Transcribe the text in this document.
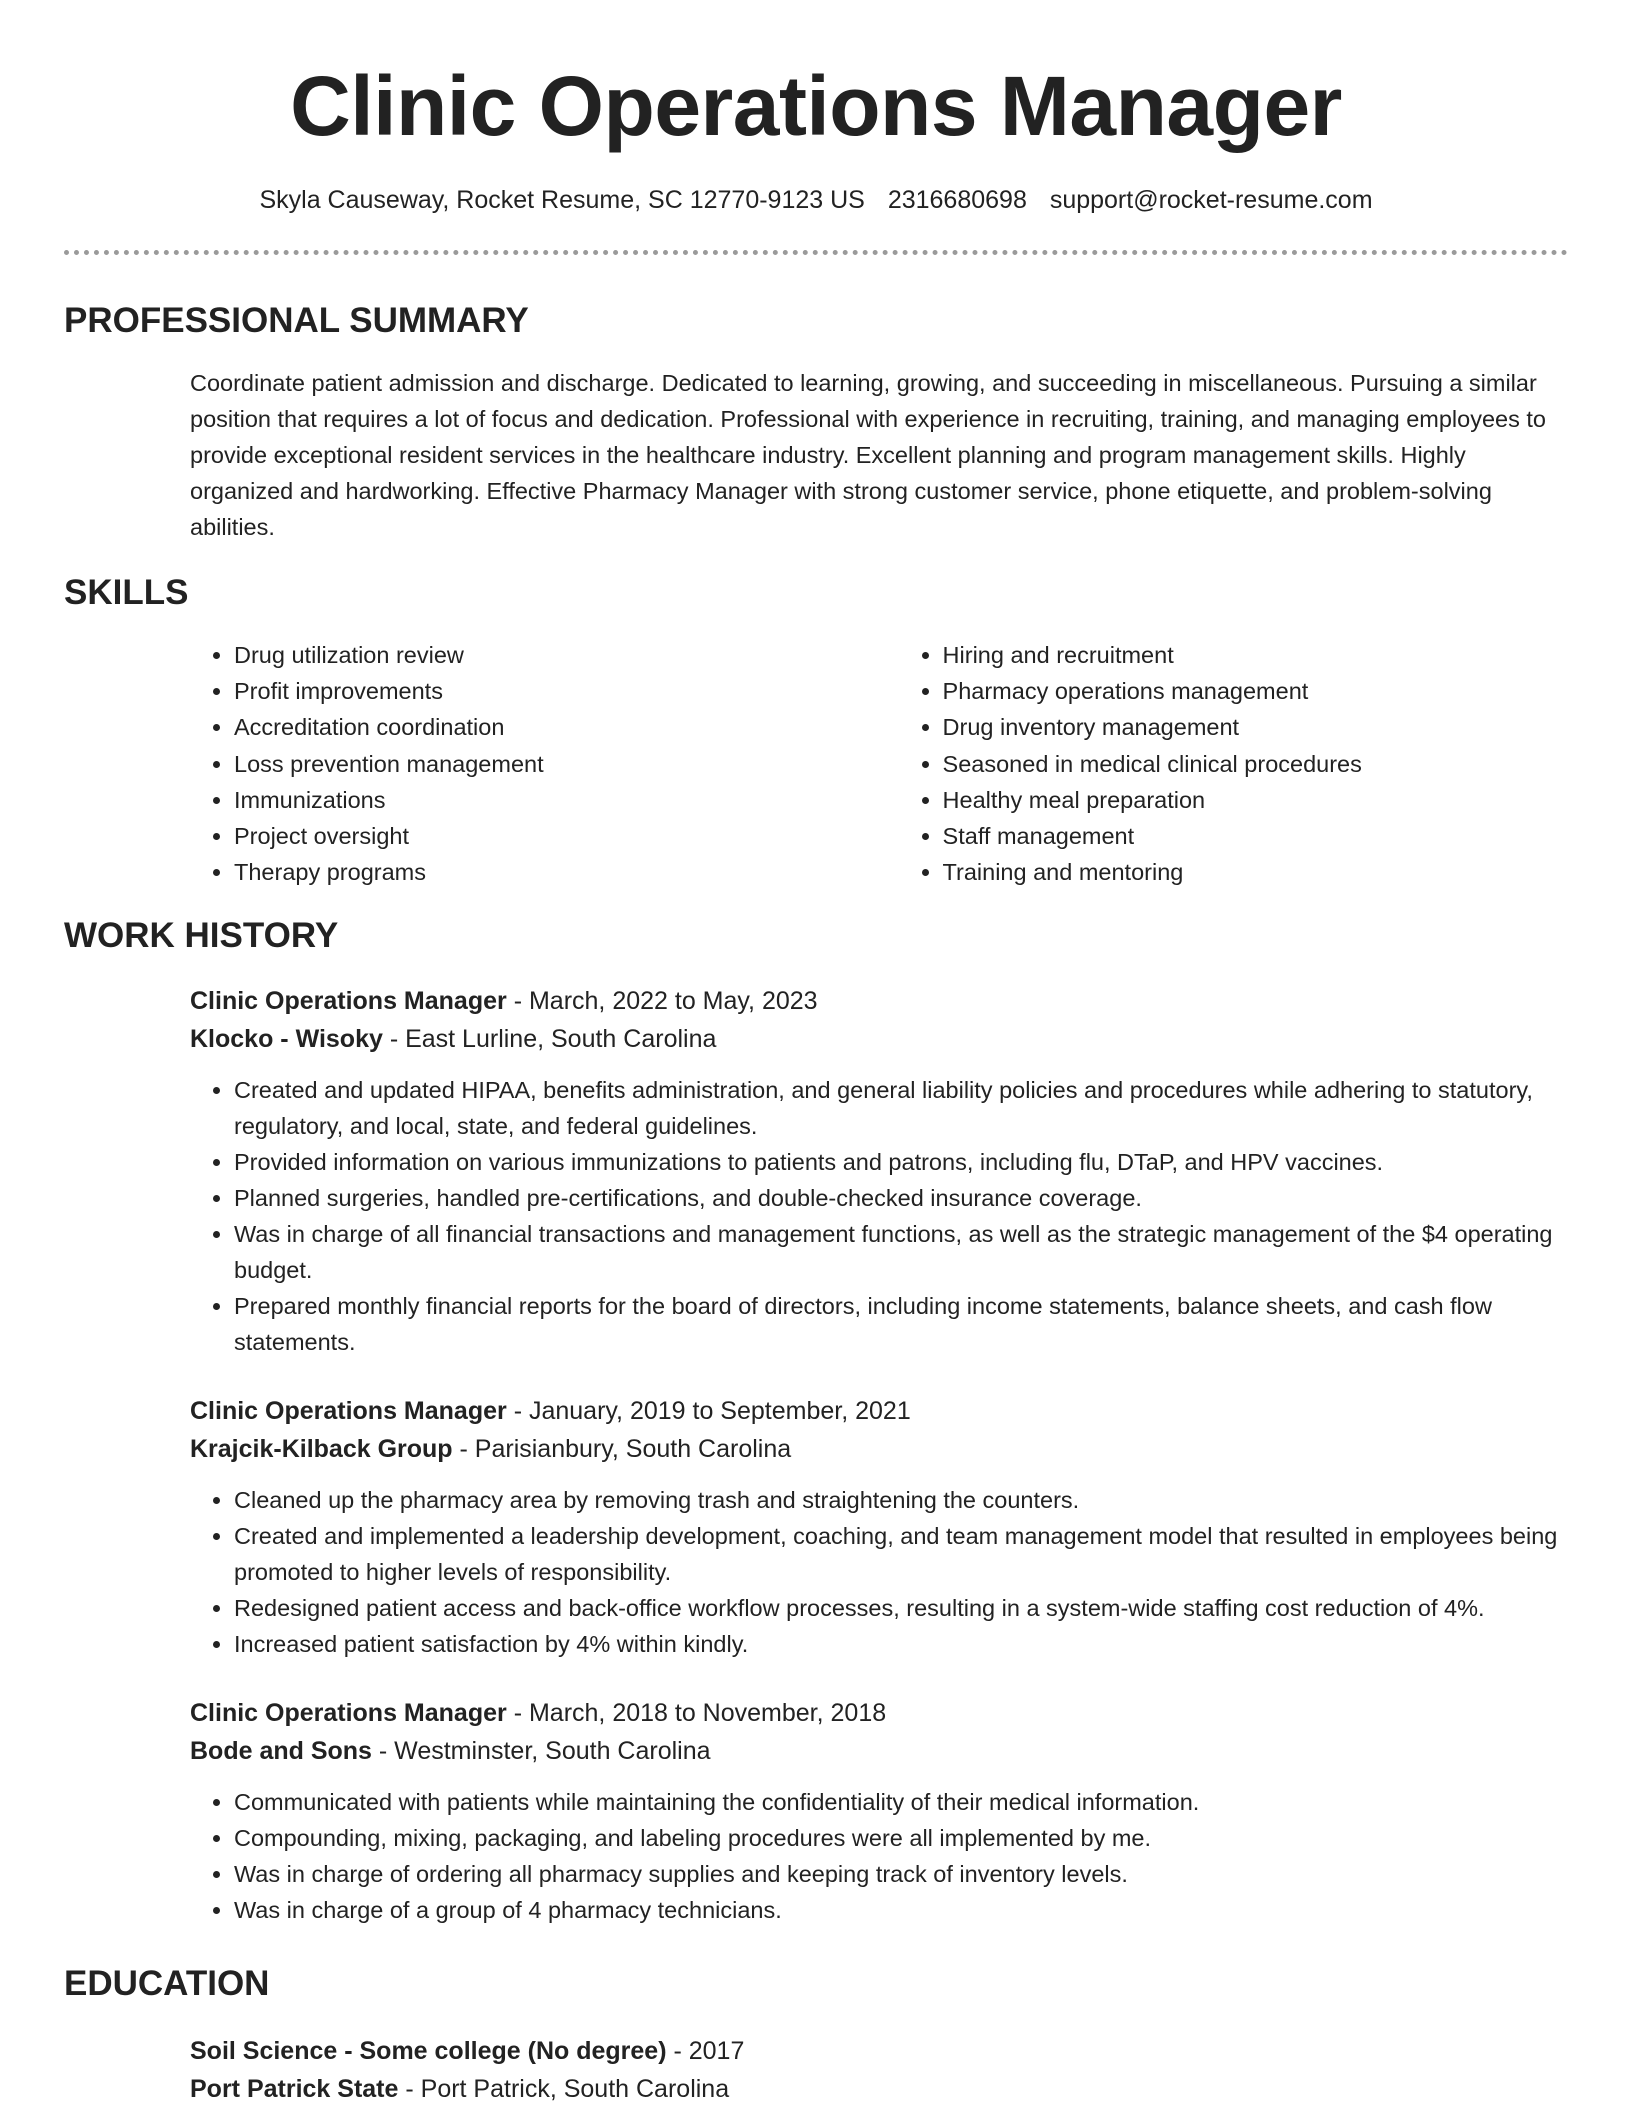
Clinic Operations Manager
Skyla Causeway, Rocket Resume, SC 12770-9123 US 2316680698 support@rocket-resume.com
PROFESSIONAL SUMMARY

Coordinate patient admission and discharge. Dedicated to learning, growing, and succeeding in miscellaneous. Pursuing a similar position that requires a lot of focus and dedication. Professional with experience in recruiting, training, and managing employees to provide exceptional resident services in the healthcare industry. Excellent planning and program management skills. Highly organized and hardworking. Effective Pharmacy Manager with strong customer service, phone etiquette, and problem-solving abilities.

SKILLS
• Drug utilization review
• Profit improvements
• Accreditation coordination
• Loss prevention management
• Immunizations
• Project oversight
• Therapy programs
• Hiring and recruitment
• Pharmacy operations management
• Drug inventory management
• Seasoned in medical clinical procedures
• Healthy meal preparation
• Staff management
• Training and mentoring
WORK HISTORY
Clinic Operations Manager - March, 2022 to May, 2023
Klocko - Wisoky - East Lurline, South Carolina
• Created and updated HIPAA, benefits administration, and general liability policies and procedures while adhering to statutory, regulatory, and local, state, and federal guidelines.
• Provided information on various immunizations to patients and patrons, including flu, DTaP, and HPV vaccines.
• Planned surgeries, handled pre-certifications, and double-checked insurance coverage.
• Was in charge of all financial transactions and management functions, as well as the strategic management of the $4 operating budget.
• Prepared monthly financial reports for the board of directors, including income statements, balance sheets, and cash flow statements.
Clinic Operations Manager - January, 2019 to September, 2021
Krajcik-Kilback Group - Parisianbury, South Carolina
• Cleaned up the pharmacy area by removing trash and straightening the counters.
• Created and implemented a leadership development, coaching, and team management model that resulted in employees being promoted to higher levels of responsibility.
• Redesigned patient access and back-office workflow processes, resulting in a system-wide staffing cost reduction of 4%.
• Increased patient satisfaction by 4% within kindly.
Clinic Operations Manager - March, 2018 to November, 2018
Bode and Sons - Westminster, South Carolina
• Communicated with patients while maintaining the confidentiality of their medical information.
• Compounding, mixing, packaging, and labeling procedures were all implemented by me.
• Was in charge of ordering all pharmacy supplies and keeping track of inventory levels.
• Was in charge of a group of 4 pharmacy technicians.
EDUCATION
Soil Science - Some college (No degree) - 2017
Port Patrick State - Port Patrick, South Carolina
